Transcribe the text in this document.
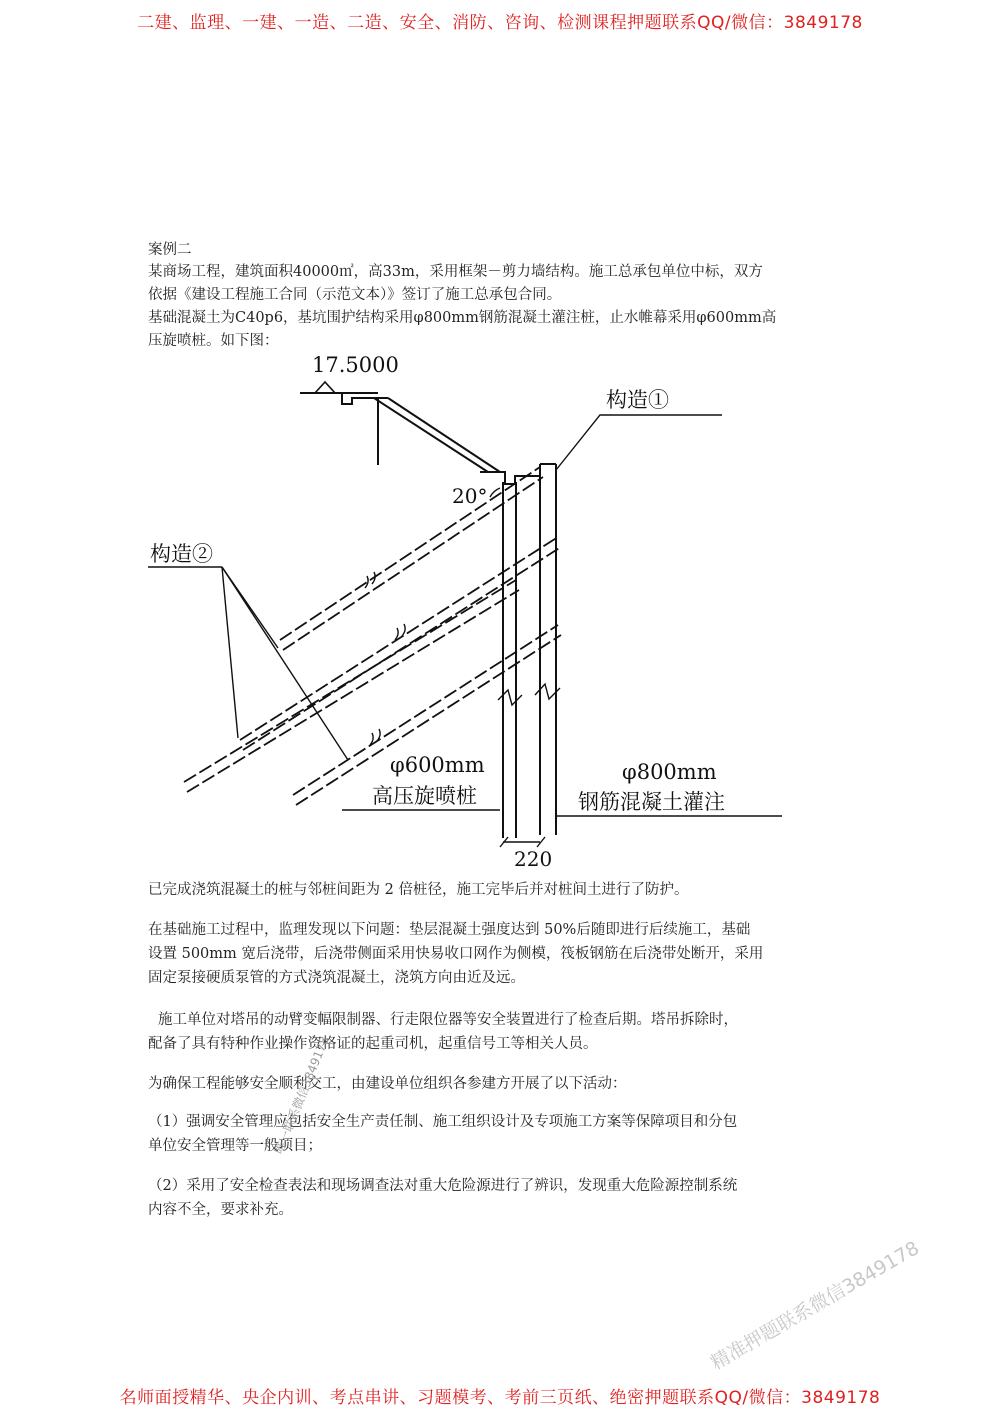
二建、监理、一建、一造、二造、安全、消防、咨询、检测课程押题联系QQ/微信：3849178
案例二
某商场工程，建筑面积40000㎡，高33m，采用框架－剪力墙结构。施工总承包单位中标，双方
依据《建设工程施工合同（示范文本）》签订了施工总承包合同。
基础混凝土为C40p6，基坑围护结构采用φ800mm钢筋混凝土灌注桩，止水帷幕采用φ600mm高
压旋喷桩。如下图：
17.5000
20°
构造①
构造②
φ600mm
高压旋喷桩
φ800mm
钢筋混凝土灌注
220
已完成浇筑混凝土的桩与邻桩间距为 2 倍桩径，施工完毕后并对桩间土进行了防护。
在基础施工过程中，监理发现以下问题：垫层混凝土强度达到 50%后随即进行后续施工，基础
设置 500mm 宽后浇带，后浇带侧面采用快易收口网作为侧模，筏板钢筋在后浇带处断开，采用
固定泵接硬质泵管的方式浇筑混凝土，浇筑方向由近及远。
施工单位对塔吊的动臂变幅限制器、行走限位器等安全装置进行了检查后期。塔吊拆除时，
配备了具有特种作业操作资格证的起重司机，起重信号工等相关人员。
为确保工程能够安全顺利交工，由建设单位组织各参建方开展了以下活动：
（1）强调安全管理应包括安全生产责任制、施工组织设计及专项施工方案等保障项目和分包
单位安全管理等一般项目；
（2）采用了安全检查表法和现场调查法对重大危险源进行了辨识，发现重大危险源控制系统
内容不全，要求补充。
唯一联系微信3849178
精准押题联系微信3849178
名师面授精华、央企内训、考点串讲、习题模考、考前三页纸、绝密押题联系QQ/微信：3849178
